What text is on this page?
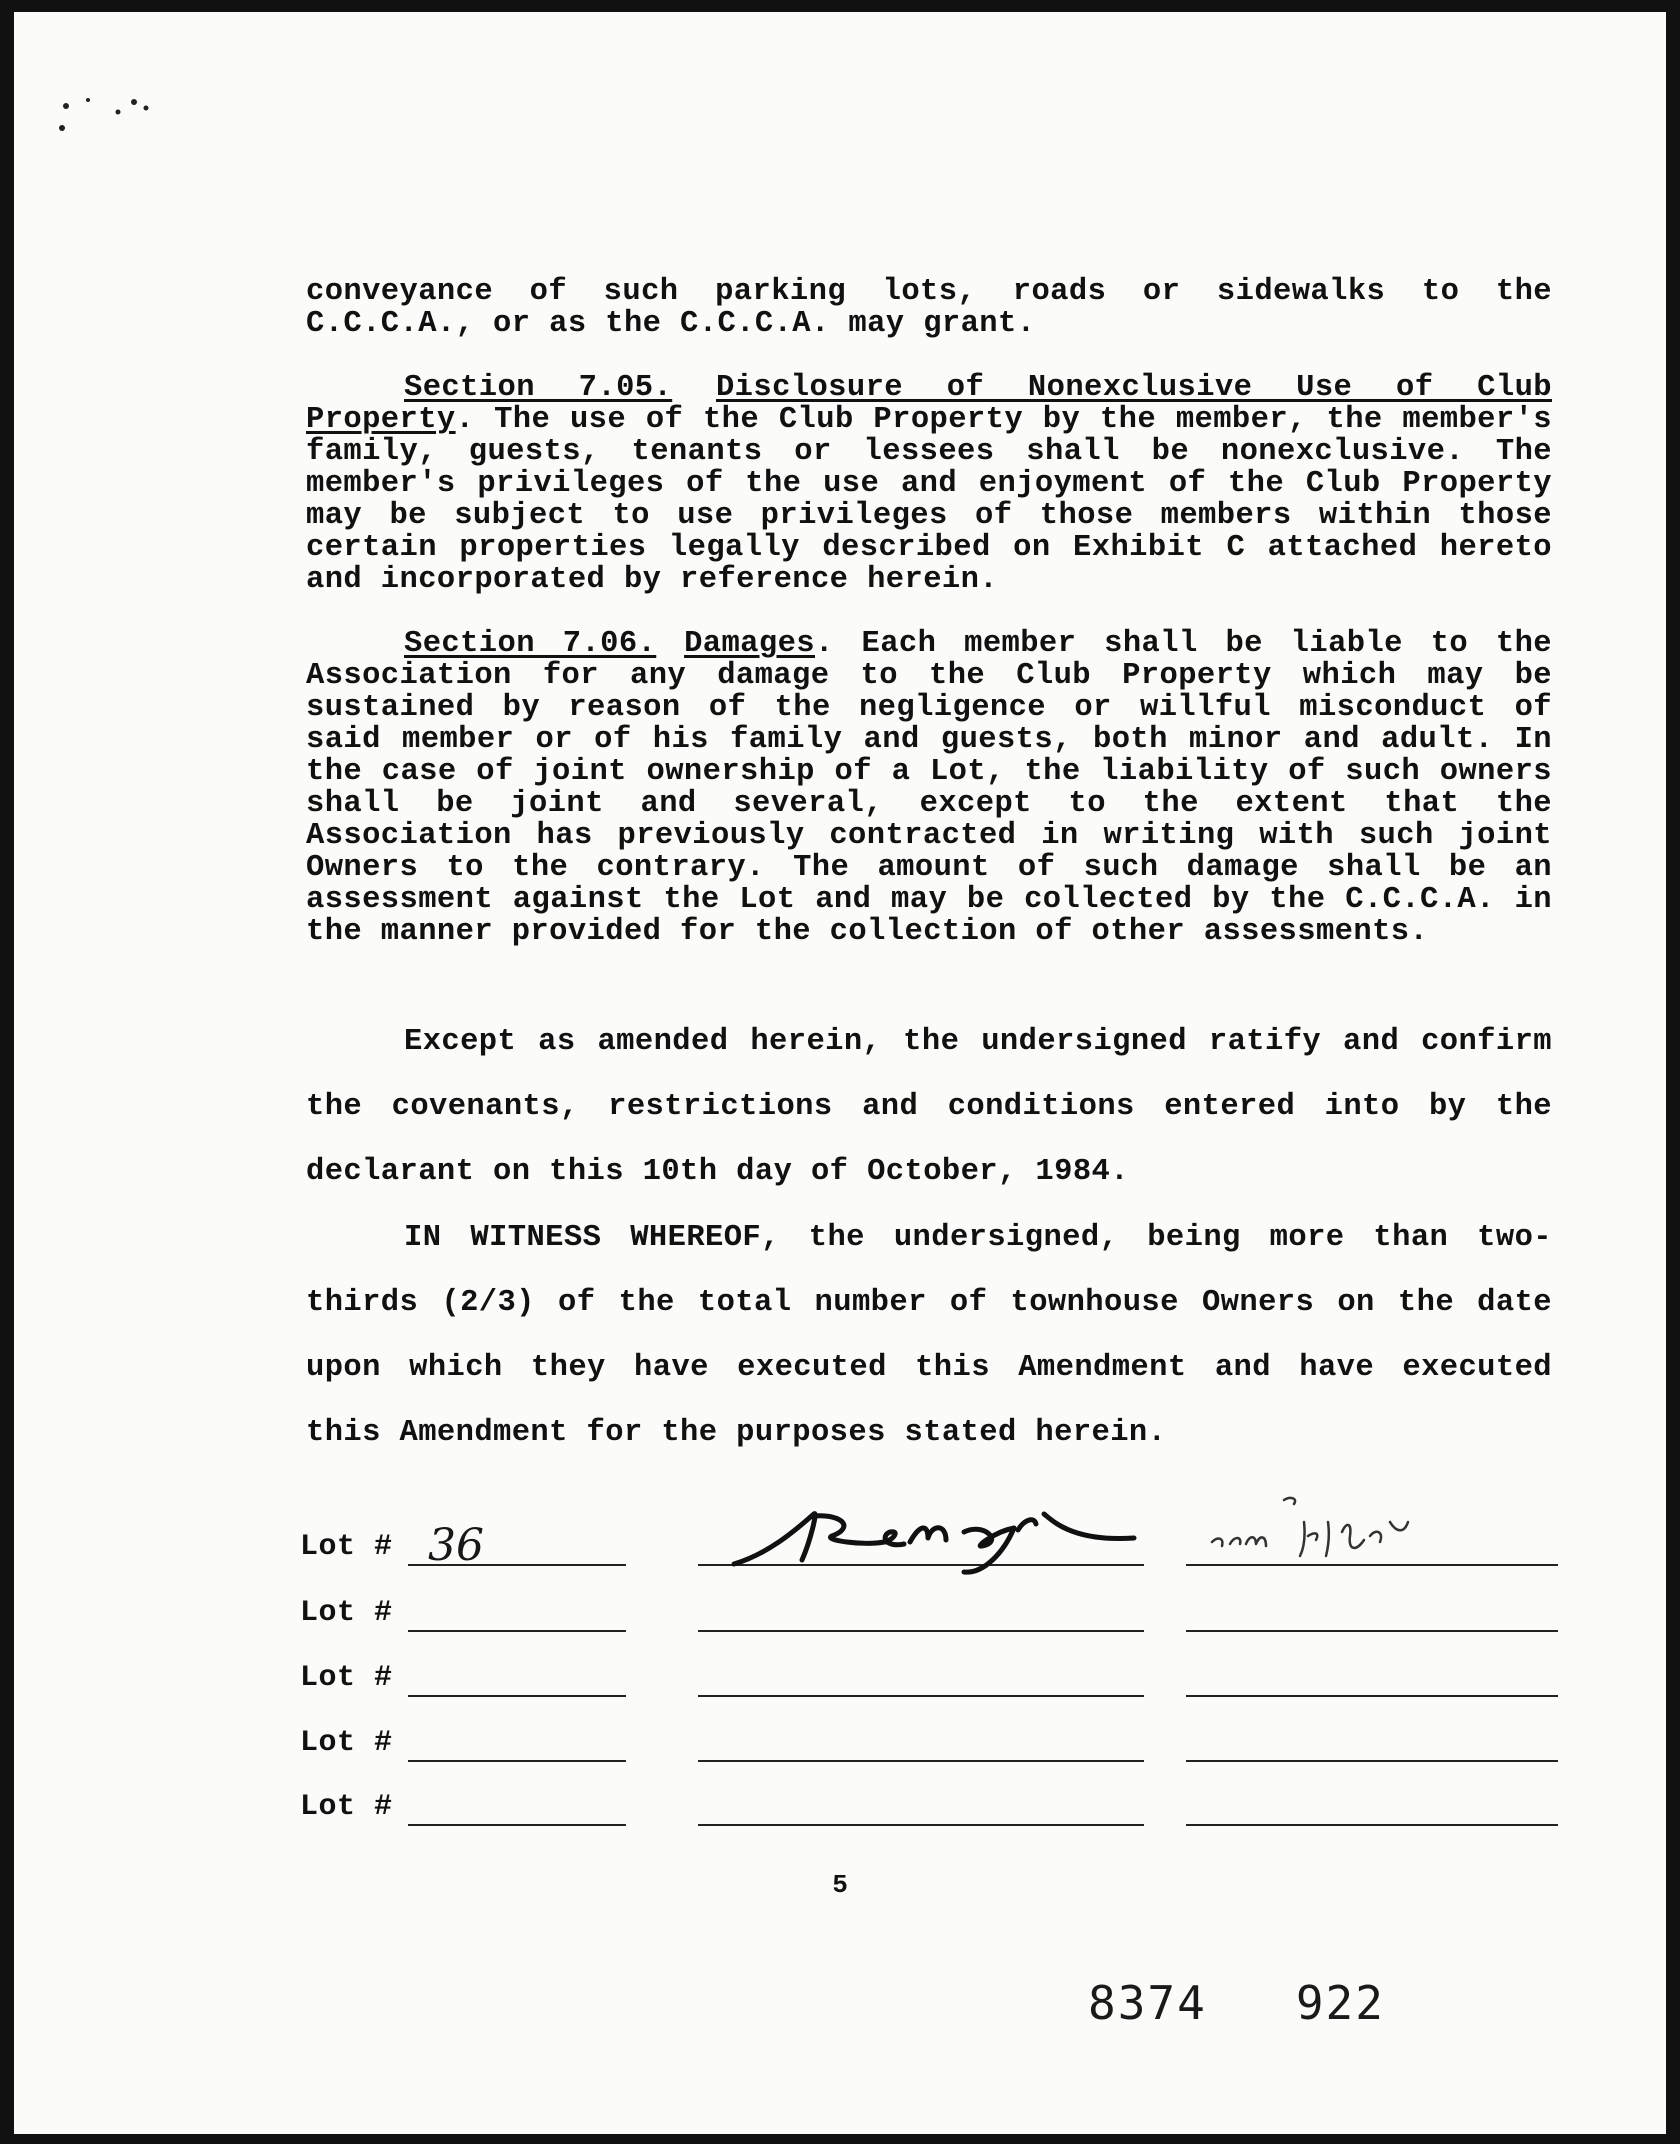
conveyance of such parking lots, roads or sidewalks to the C.C.C.A., or as the C.C.C.A. may grant.

Section 7.05. Disclosure of Nonexclusive Use of Club Property. The use of the Club Property by the member, the member's family, guests, tenants or lessees shall be nonexclusive. The member's privileges of the use and enjoyment of the Club Property may be subject to use privileges of those members within those certain properties legally described on Exhibit C attached hereto and incorporated by reference herein.

Section 7.06. Damages. Each member shall be liable to the Association for any damage to the Club Property which may be sustained by reason of the negligence or willful misconduct of said member or of his family and guests, both minor and adult. In the case of joint ownership of a Lot, the liability of such owners shall be joint and several, except to the extent that the Association has previously contracted in writing with such joint Owners to the contrary. The amount of such damage shall be an assessment against the Lot and may be collected by the C.C.C.A. in the manner provided for the collection of other assessments.

Except as amended herein, the undersigned ratify and confirm the covenants, restrictions and conditions entered into by the declarant on this 10th day of October, 1984.

IN WITNESS WHEREOF, the undersigned, being more than two-thirds (2/3) of the total number of townhouse Owners on the date upon which they have executed this Amendment and have executed this Amendment for the purposes stated herein.

Lot # 36
Lot #
Lot #
Lot #
Lot #
5
8374   922
